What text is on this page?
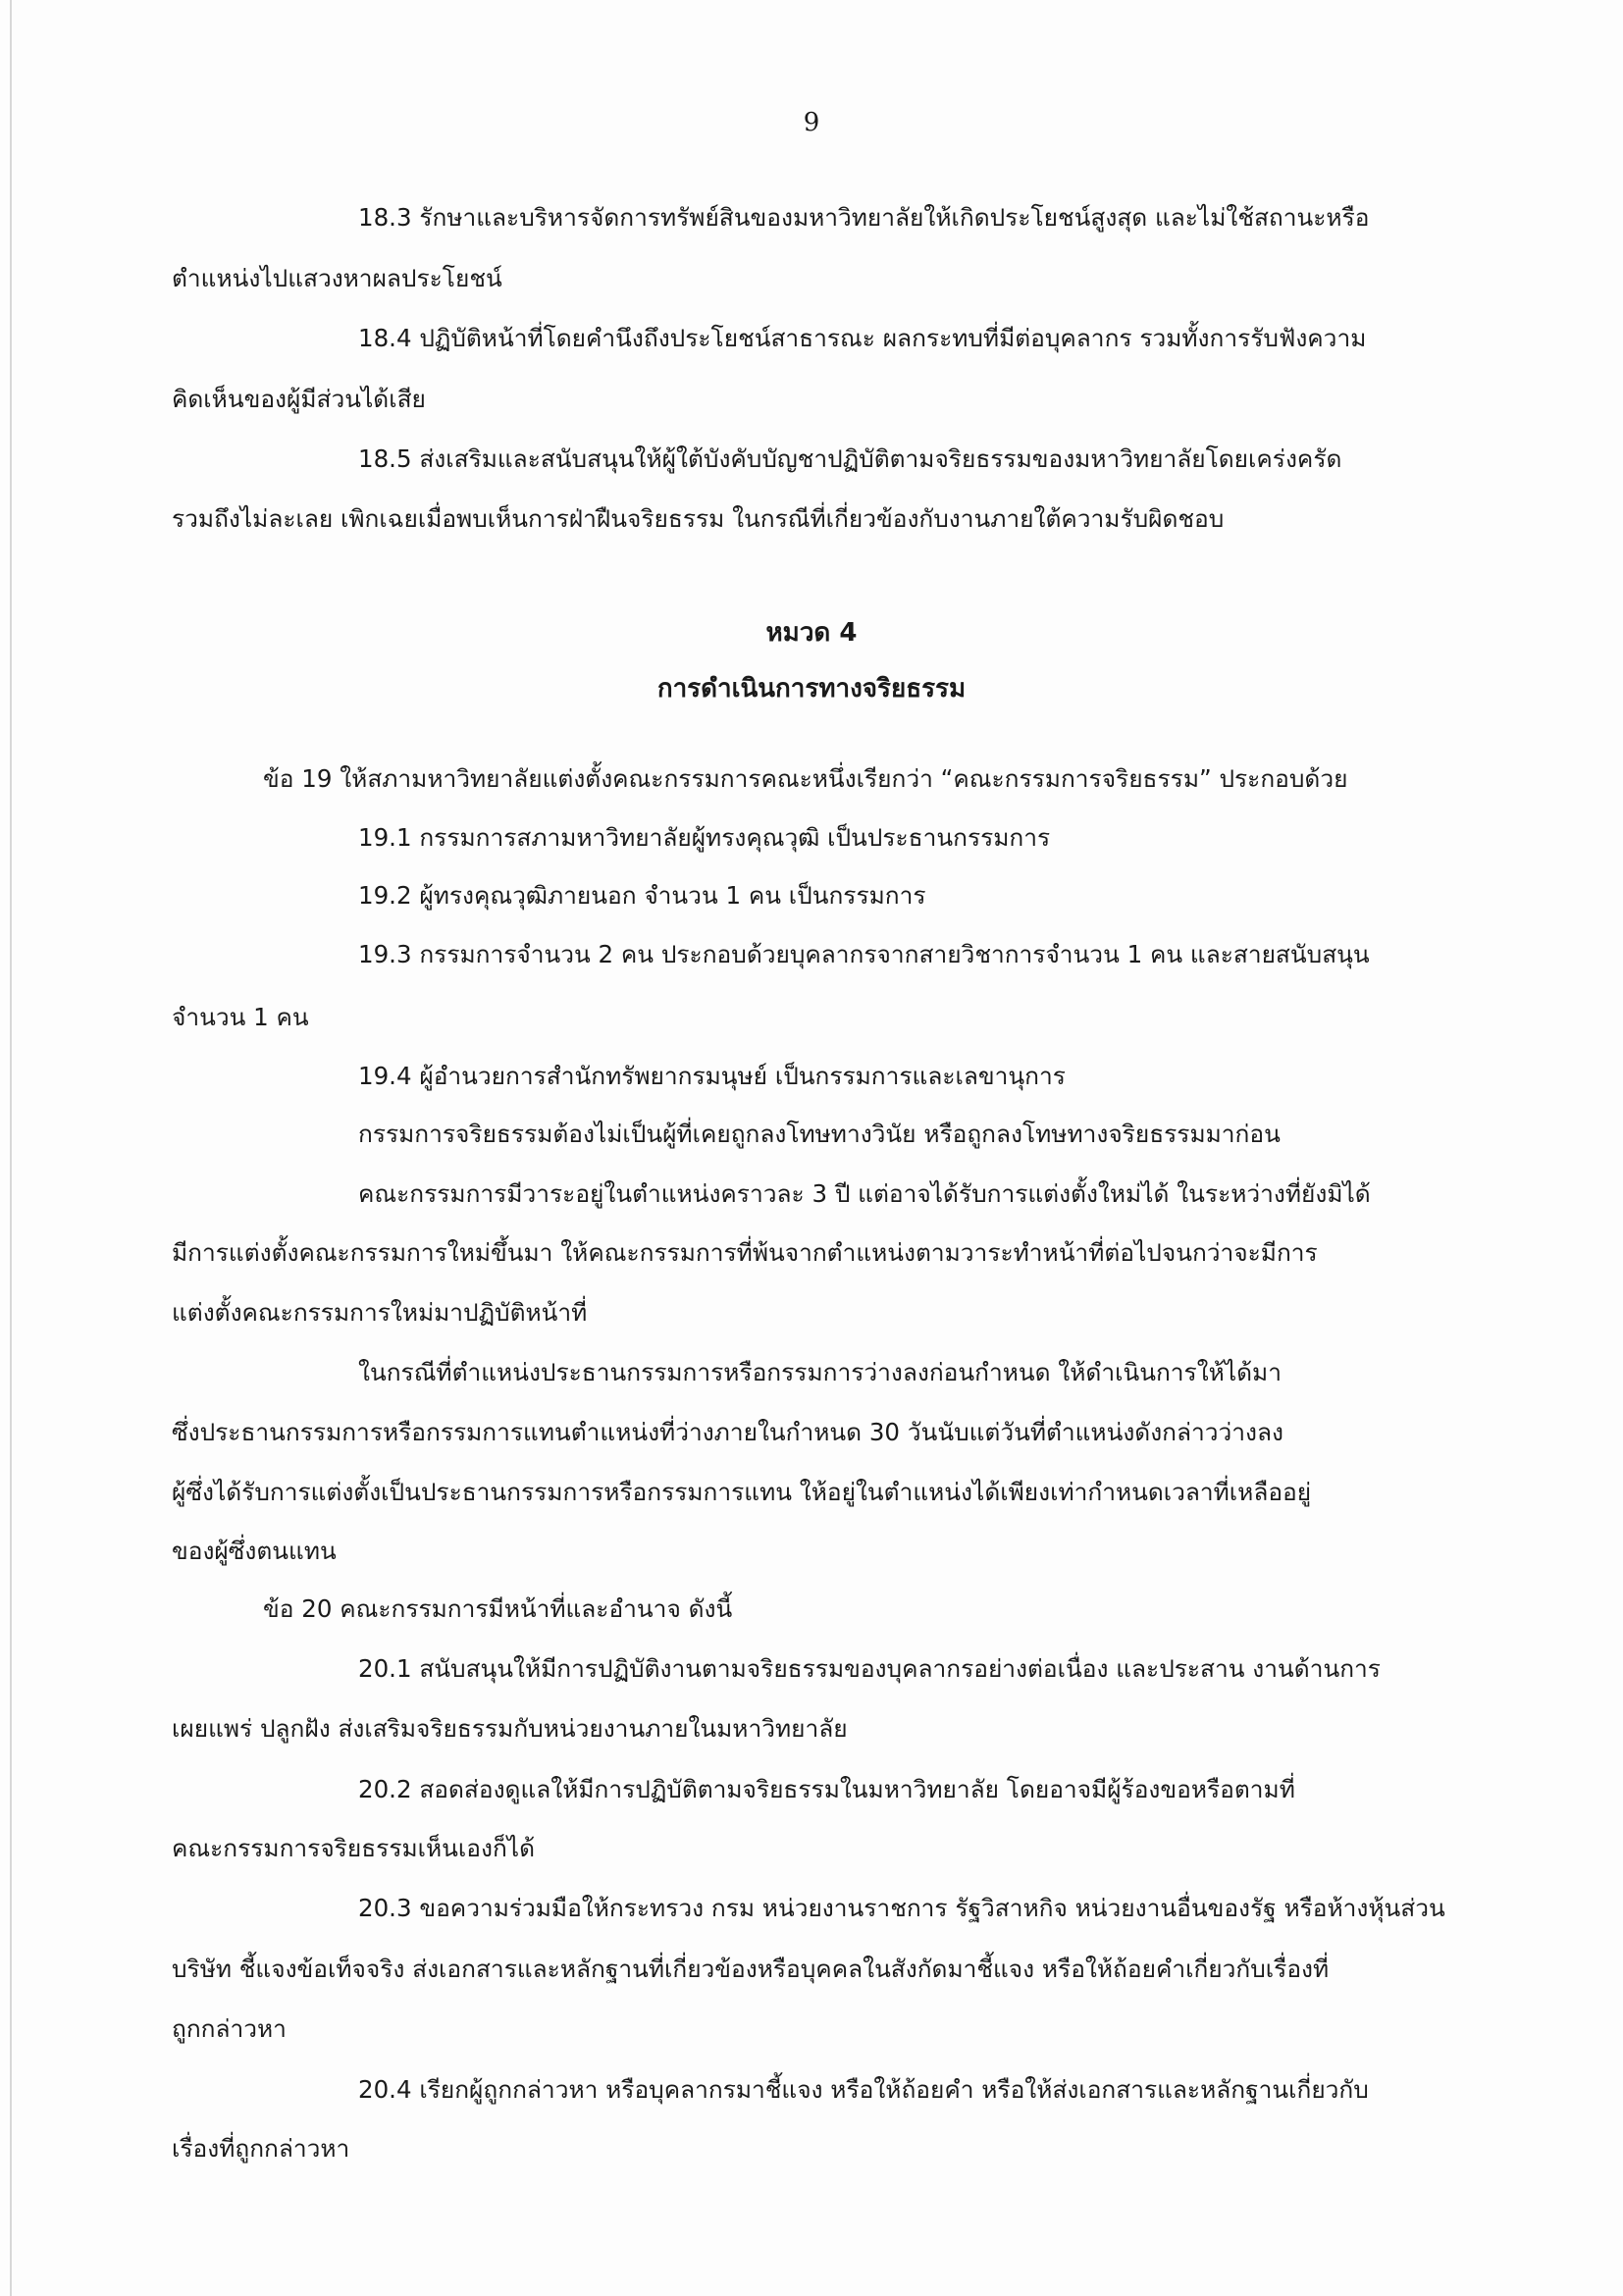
9
18.3 รักษาและบริหารจัดการทรัพย์สินของมหาวิทยาลัยให้เกิดประโยชน์สูงสุด และไม่ใช้สถานะหรือ
ตำแหน่งไปแสวงหาผลประโยชน์
18.4 ปฏิบัติหน้าที่โดยคำนึงถึงประโยชน์สาธารณะ ผลกระทบที่มีต่อบุคลากร รวมทั้งการรับฟังความ
คิดเห็นของผู้มีส่วนได้เสีย
18.5 ส่งเสริมและสนับสนุนให้ผู้ใต้บังคับบัญชาปฏิบัติตามจริยธรรมของมหาวิทยาลัยโดยเคร่งครัด
รวมถึงไม่ละเลย เพิกเฉยเมื่อพบเห็นการฝ่าฝืนจริยธรรม ในกรณีที่เกี่ยวข้องกับงานภายใต้ความรับผิดชอบ
หมวด 4
การดำเนินการทางจริยธรรม
ข้อ 19 ให้สภามหาวิทยาลัยแต่งตั้งคณะกรรมการคณะหนึ่งเรียกว่า “คณะกรรมการจริยธรรม” ประกอบด้วย
19.1 กรรมการสภามหาวิทยาลัยผู้ทรงคุณวุฒิ เป็นประธานกรรมการ
19.2 ผู้ทรงคุณวุฒิภายนอก จำนวน 1 คน เป็นกรรมการ
19.3 กรรมการจำนวน 2 คน ประกอบด้วยบุคลากรจากสายวิชาการจำนวน 1 คน และสายสนับสนุน
จำนวน 1 คน
19.4 ผู้อำนวยการสำนักทรัพยากรมนุษย์ เป็นกรรมการและเลขานุการ
กรรมการจริยธรรมต้องไม่เป็นผู้ที่เคยถูกลงโทษทางวินัย หรือถูกลงโทษทางจริยธรรมมาก่อน
คณะกรรมการมีวาระอยู่ในตำแหน่งคราวละ 3 ปี แต่อาจได้รับการแต่งตั้งใหม่ได้ ในระหว่างที่ยังมิได้
มีการแต่งตั้งคณะกรรมการใหม่ขึ้นมา ให้คณะกรรมการที่พ้นจากตำแหน่งตามวาระทำหน้าที่ต่อไปจนกว่าจะมีการ
แต่งตั้งคณะกรรมการใหม่มาปฏิบัติหน้าที่
ในกรณีที่ตำแหน่งประธานกรรมการหรือกรรมการว่างลงก่อนกำหนด ให้ดำเนินการให้ได้มา
ซึ่งประธานกรรมการหรือกรรมการแทนตำแหน่งที่ว่างภายในกำหนด 30 วันนับแต่วันที่ตำแหน่งดังกล่าวว่างลง
ผู้ซึ่งได้รับการแต่งตั้งเป็นประธานกรรมการหรือกรรมการแทน ให้อยู่ในตำแหน่งได้เพียงเท่ากำหนดเวลาที่เหลืออยู่
ของผู้ซึ่งตนแทน
ข้อ 20 คณะกรรมการมีหน้าที่และอำนาจ ดังนี้
20.1 สนับสนุนให้มีการปฏิบัติงานตามจริยธรรมของบุคลากรอย่างต่อเนื่อง และประสาน งานด้านการ
เผยแพร่ ปลูกฝัง ส่งเสริมจริยธรรมกับหน่วยงานภายในมหาวิทยาลัย
20.2 สอดส่องดูแลให้มีการปฏิบัติตามจริยธรรมในมหาวิทยาลัย โดยอาจมีผู้ร้องขอหรือตามที่
คณะกรรมการจริยธรรมเห็นเองก็ได้
20.3 ขอความร่วมมือให้กระทรวง กรม หน่วยงานราชการ รัฐวิสาหกิจ หน่วยงานอื่นของรัฐ หรือห้างหุ้นส่วน
บริษัท ชี้แจงข้อเท็จจริง ส่งเอกสารและหลักฐานที่เกี่ยวข้องหรือบุคคลในสังกัดมาชี้แจง หรือให้ถ้อยคำเกี่ยวกับเรื่องที่
ถูกกล่าวหา
20.4 เรียกผู้ถูกกล่าวหา หรือบุคลากรมาชี้แจง หรือให้ถ้อยคำ หรือให้ส่งเอกสารและหลักฐานเกี่ยวกับ
เรื่องที่ถูกกล่าวหา
